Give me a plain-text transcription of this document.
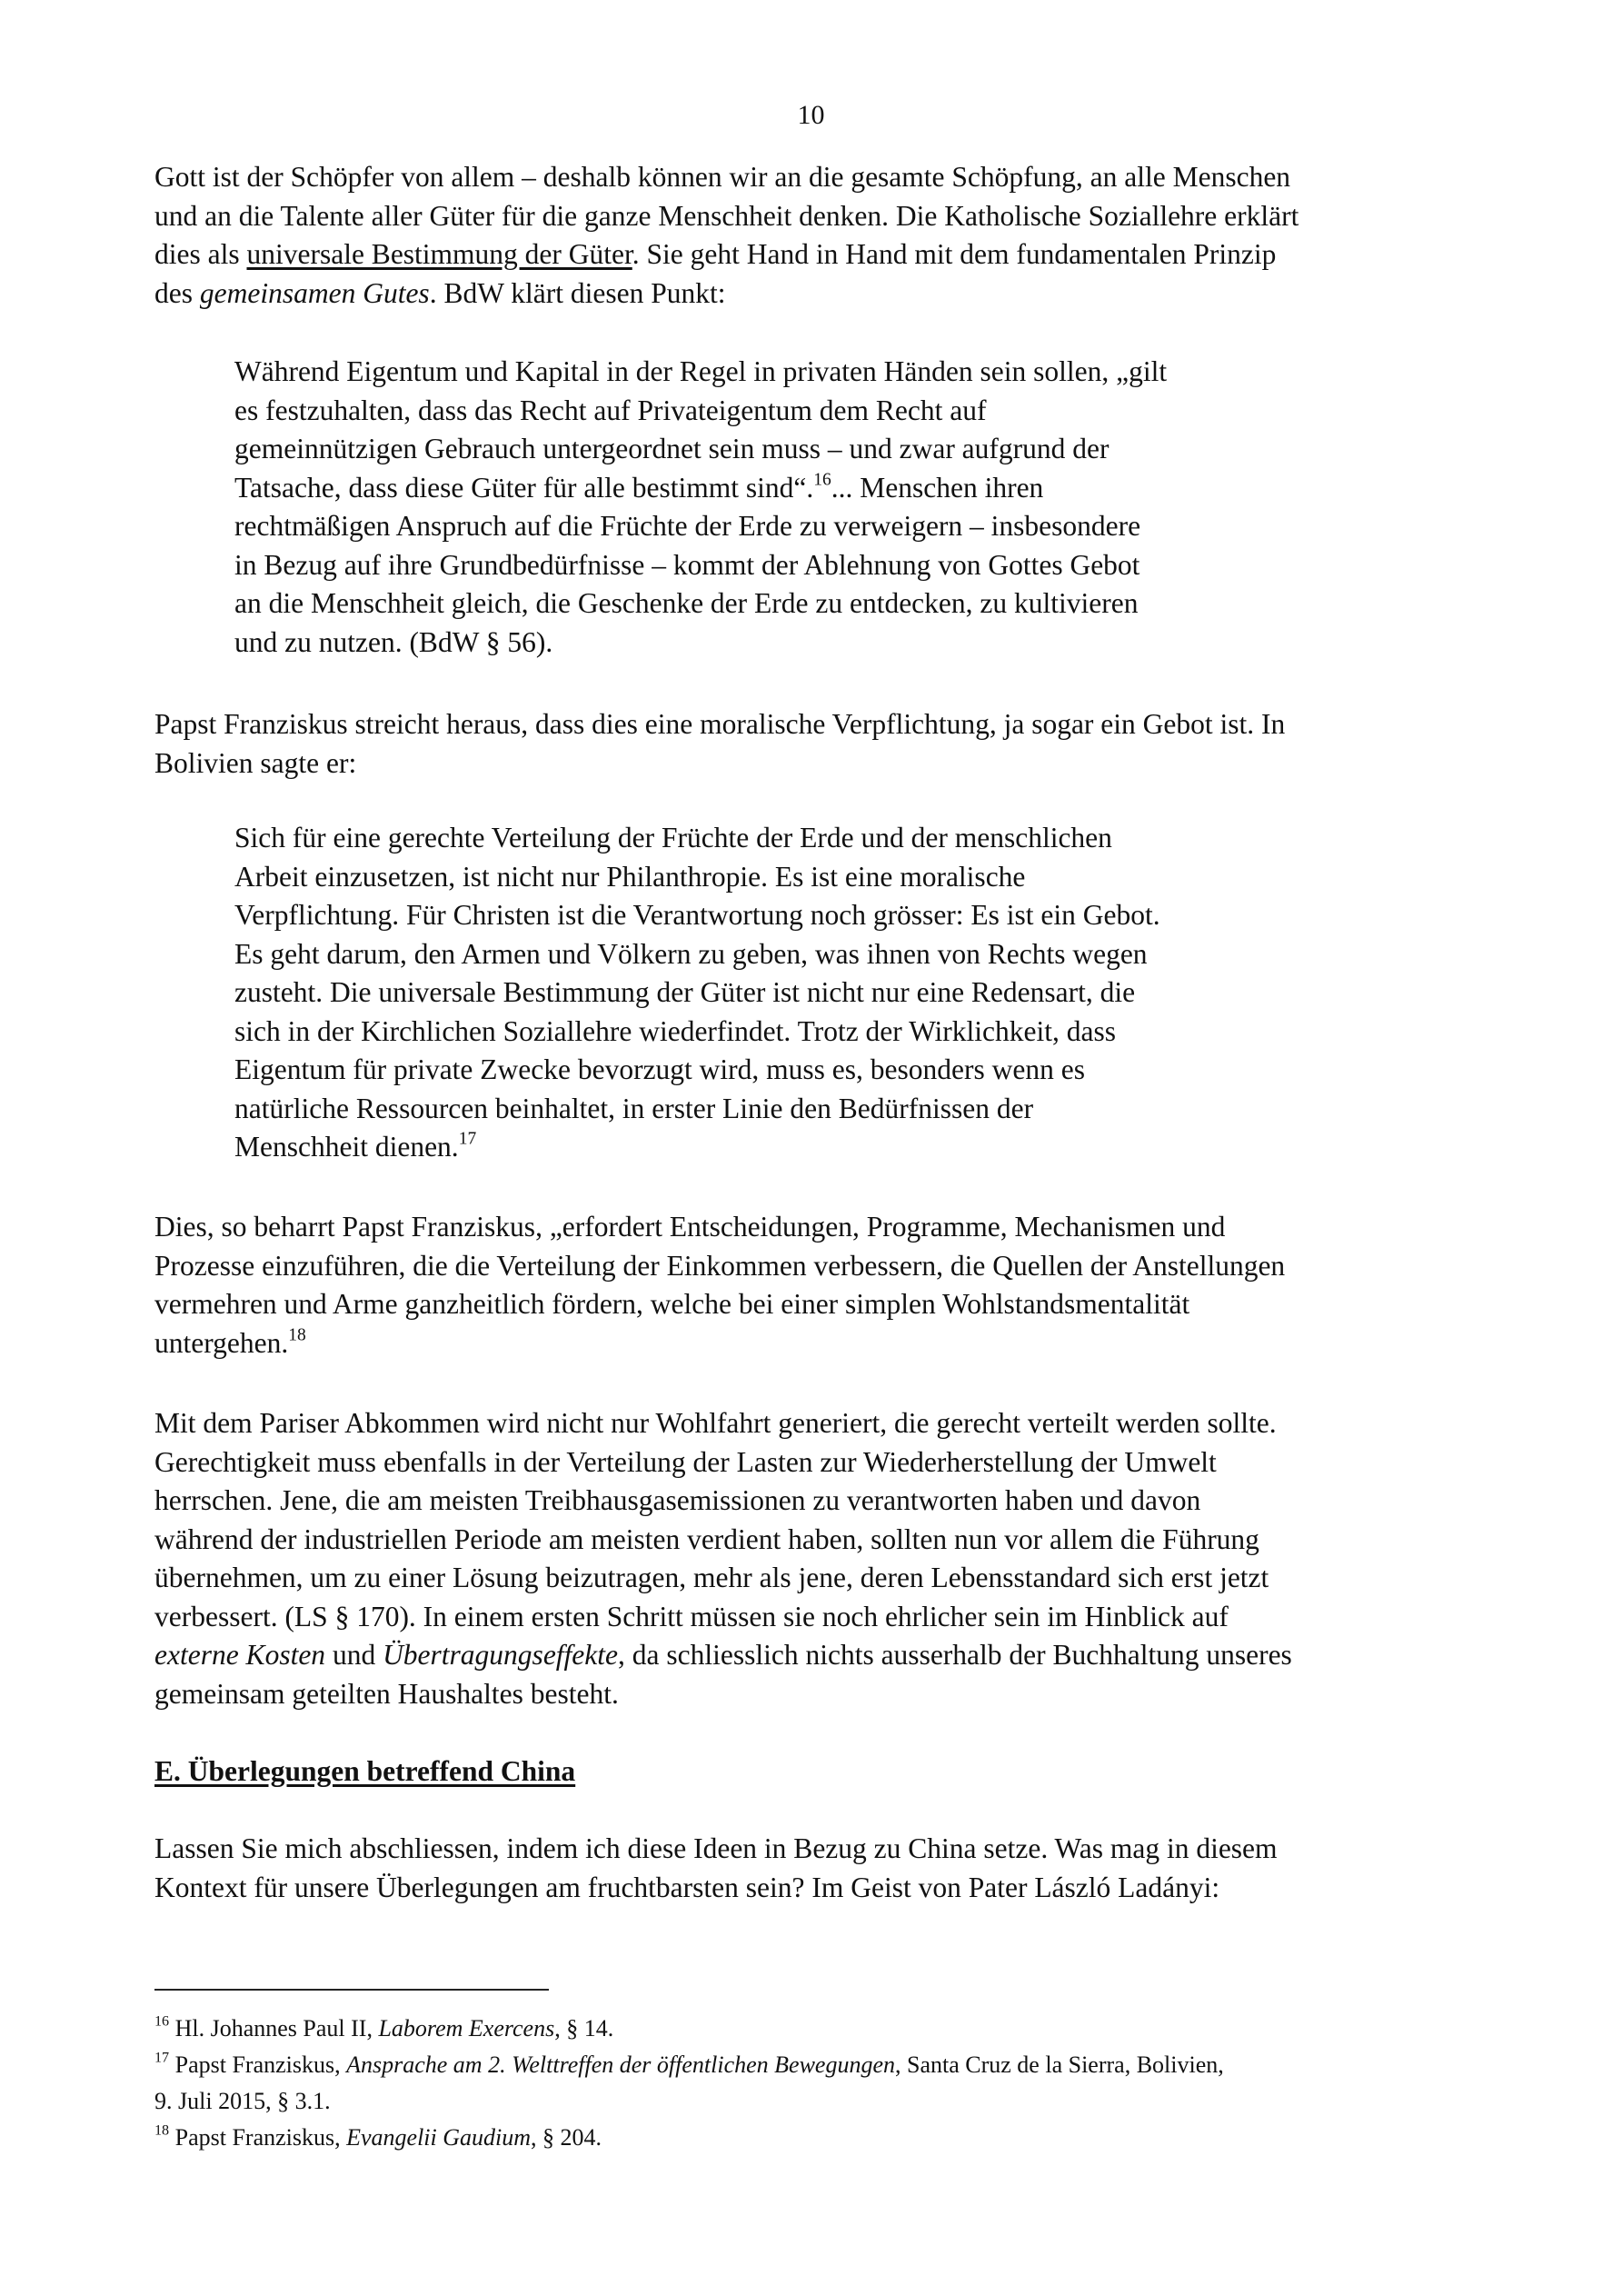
10
Gott ist der Schöpfer von allem – deshalb können wir an die gesamte Schöpfung, an alle Menschen
und an die Talente aller Güter für die ganze Menschheit denken. Die Katholische Soziallehre erklärt
dies als universale Bestimmung der Güter. Sie geht Hand in Hand mit dem fundamentalen Prinzip
des gemeinsamen Gutes. BdW klärt diesen Punkt:
Während Eigentum und Kapital in der Regel in privaten Händen sein sollen, „gilt
es festzuhalten, dass das Recht auf Privateigentum dem Recht auf
gemeinnützigen Gebrauch untergeordnet sein muss – und zwar aufgrund der
Tatsache, dass diese Güter für alle bestimmt sind“.$^{16}$... Menschen ihren
rechtmäßigen Anspruch auf die Früchte der Erde zu verweigern – insbesondere
in Bezug auf ihre Grundbedürfnisse – kommt der Ablehnung von Gottes Gebot
an die Menschheit gleich, die Geschenke der Erde zu entdecken, zu kultivieren
und zu nutzen. (BdW § 56).
Papst Franziskus streicht heraus, dass dies eine moralische Verpflichtung, ja sogar ein Gebot ist. In
Bolivien sagte er:
Sich für eine gerechte Verteilung der Früchte der Erde und der menschlichen
Arbeit einzusetzen, ist nicht nur Philanthropie. Es ist eine moralische
Verpflichtung. Für Christen ist die Verantwortung noch grösser: Es ist ein Gebot.
Es geht darum, den Armen und Völkern zu geben, was ihnen von Rechts wegen
zusteht. Die universale Bestimmung der Güter ist nicht nur eine Redensart, die
sich in der Kirchlichen Soziallehre wiederfindet. Trotz der Wirklichkeit, dass
Eigentum für private Zwecke bevorzugt wird, muss es, besonders wenn es
natürliche Ressourcen beinhaltet, in erster Linie den Bedürfnissen der
Menschheit dienen.$^{17}$
Dies, so beharrt Papst Franziskus, „erfordert Entscheidungen, Programme, Mechanismen und
Prozesse einzuführen, die die Verteilung der Einkommen verbessern, die Quellen der Anstellungen
vermehren und Arme ganzheitlich fördern, welche bei einer simplen Wohlstandsmentalität
untergehen.$^{18}$
Mit dem Pariser Abkommen wird nicht nur Wohlfahrt generiert, die gerecht verteilt werden sollte.
Gerechtigkeit muss ebenfalls in der Verteilung der Lasten zur Wiederherstellung der Umwelt
herrschen. Jene, die am meisten Treibhausgasemissionen zu verantworten haben und davon
während der industriellen Periode am meisten verdient haben, sollten nun vor allem die Führung
übernehmen, um zu einer Lösung beizutragen, mehr als jene, deren Lebensstandard sich erst jetzt
verbessert. (LS § 170). In einem ersten Schritt müssen sie noch ehrlicher sein im Hinblick auf
externe Kosten und Übertragungseffekte, da schliesslich nichts ausserhalb der Buchhaltung unseres
gemeinsam geteilten Haushaltes besteht.
E. Überlegungen betreffend China
Lassen Sie mich abschliessen, indem ich diese Ideen in Bezug zu China setze. Was mag in diesem
Kontext für unsere Überlegungen am fruchtbarsten sein? Im Geist von Pater László Ladányi:
$^{16}$ Hl. Johannes Paul II, Laborem Exercens, § 14.
$^{17}$ Papst Franziskus, Ansprache am 2. Welttreffen der öffentlichen Bewegungen, Santa Cruz de la Sierra, Bolivien,
9. Juli 2015, § 3.1.
$^{18}$ Papst Franziskus, Evangelii Gaudium, § 204.
